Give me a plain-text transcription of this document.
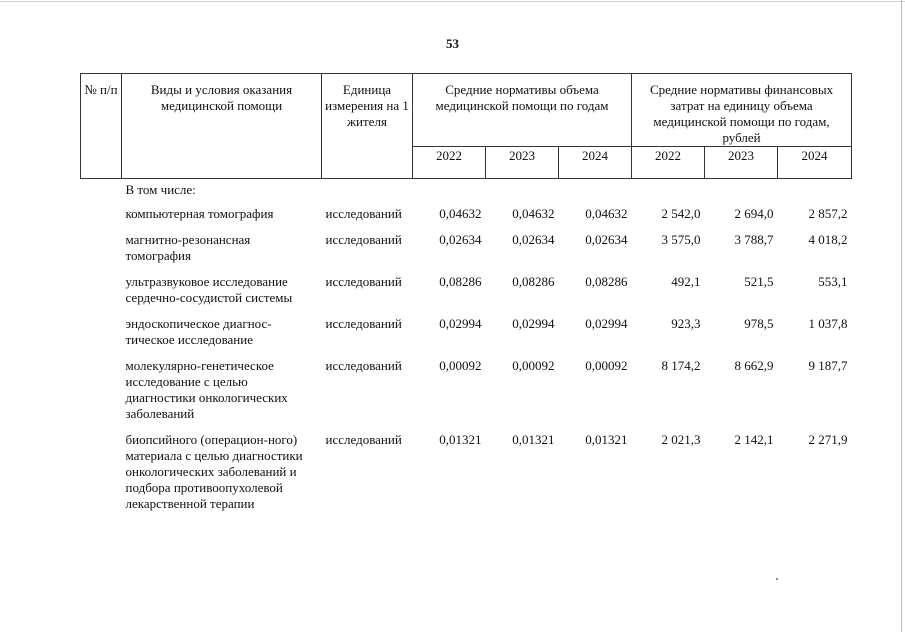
53
№ п/п	Виды и условия оказания медицинской помощи	Единица измерения на 1 жителя	Средние нормативы объема медицинской помощи по годам			Средние нормативы финансовых затрат на единицу объема медицинской помощи по годам, рублей		
			2022	2023	2024	2022	2023	2024
	В том числе:							
	компьютерная томография	исследований	0,04632	0,04632	0,04632	2 542,0	2 694,0	2 857,2
	магнитно-резонансная томография	исследований	0,02634	0,02634	0,02634	3 575,0	3 788,7	4 018,2
	ультразвуковое исследование сердечно-сосудистой системы	исследований	0,08286	0,08286	0,08286	492,1	521,5	553,1
	эндоскопическое диагнос-тическое исследование	исследований	0,02994	0,02994	0,02994	923,3	978,5	1 037,8
	молекулярно-генетическое исследование с целью диагностики онкологических заболеваний	исследований	0,00092	0,00092	0,00092	8 174,2	8 662,9	9 187,7
	биопсийного (операцион-ного) материала с целью диагностики онкологических заболеваний и подбора противоопухолевой лекарственной терапии	исследований	0,01321	0,01321	0,01321	2 021,3	2 142,1	2 271,9
